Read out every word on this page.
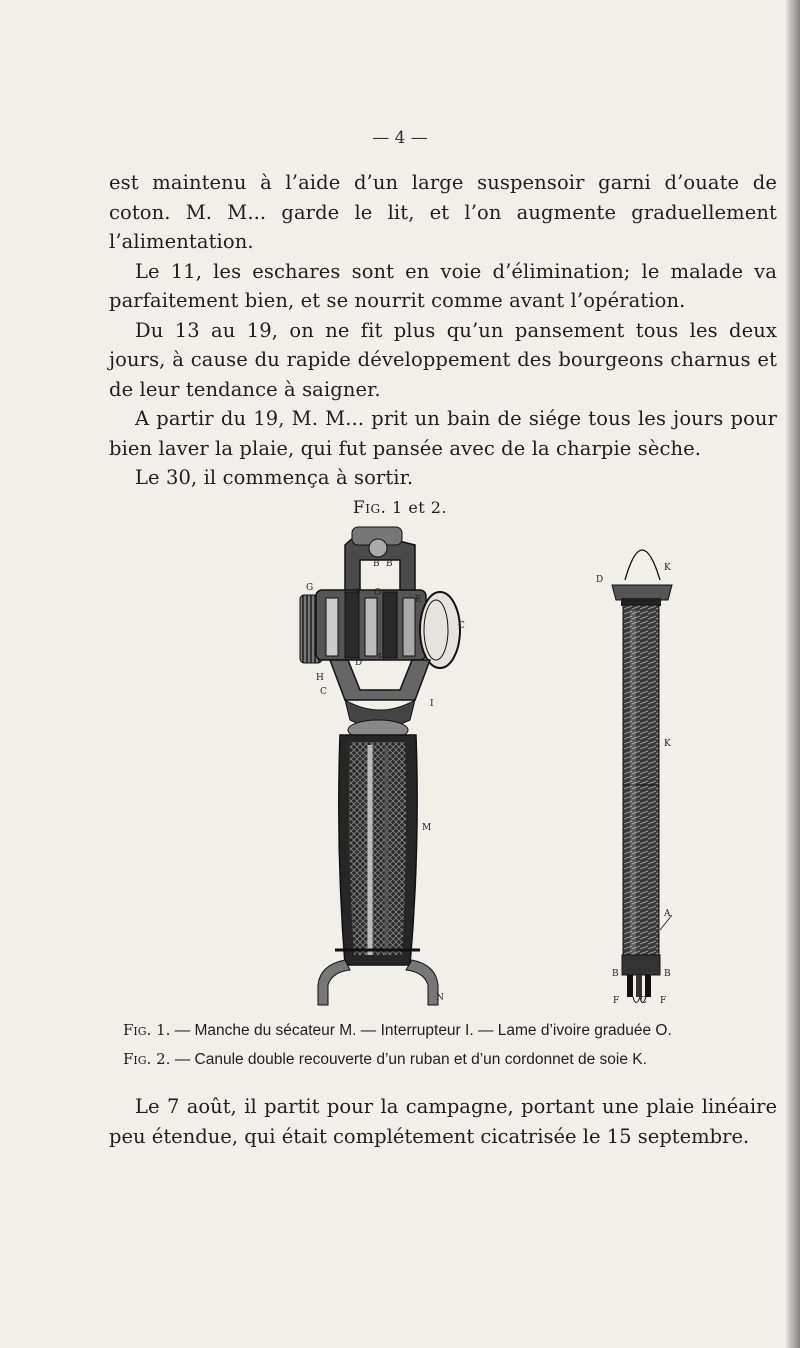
— 4 —

est maintenu à l’aide d’un large suspensoir garni d’ouate de coton. M. M... garde le lit, et l’on augmente graduellement l’alimentation.

Le 11, les eschares sont en voie d’élimination; le malade va parfaitement bien, et se nourrit comme avant l’opération.

Du 13 au 19, on ne fit plus qu’un pansement tous les deux jours, à cause du rapide développement des bourgeons charnus et de leur tendance à saigner.

A partir du 19, M. M... prit un bain de siége tous les jours pour bien laver la plaie, qui fut pansée avec de la charpie sèche.

Le 30, il commença à sortir.

Fig. 1 et 2.
B B
G	F O
E
C
D B
H
C
I
M
N
D
K
K
A
B	B
F C F
Fig. 1. — Manche du sécateur M. — Interrupteur I. — Lame d’ivoire graduée O.
Fig. 2. — Canule double recouverte d’un ruban et d’un cordonnet de soie K.

Le 7 août, il partit pour la campagne, portant une plaie linéaire peu étendue, qui était complétement cicatrisée le 15 septembre.
